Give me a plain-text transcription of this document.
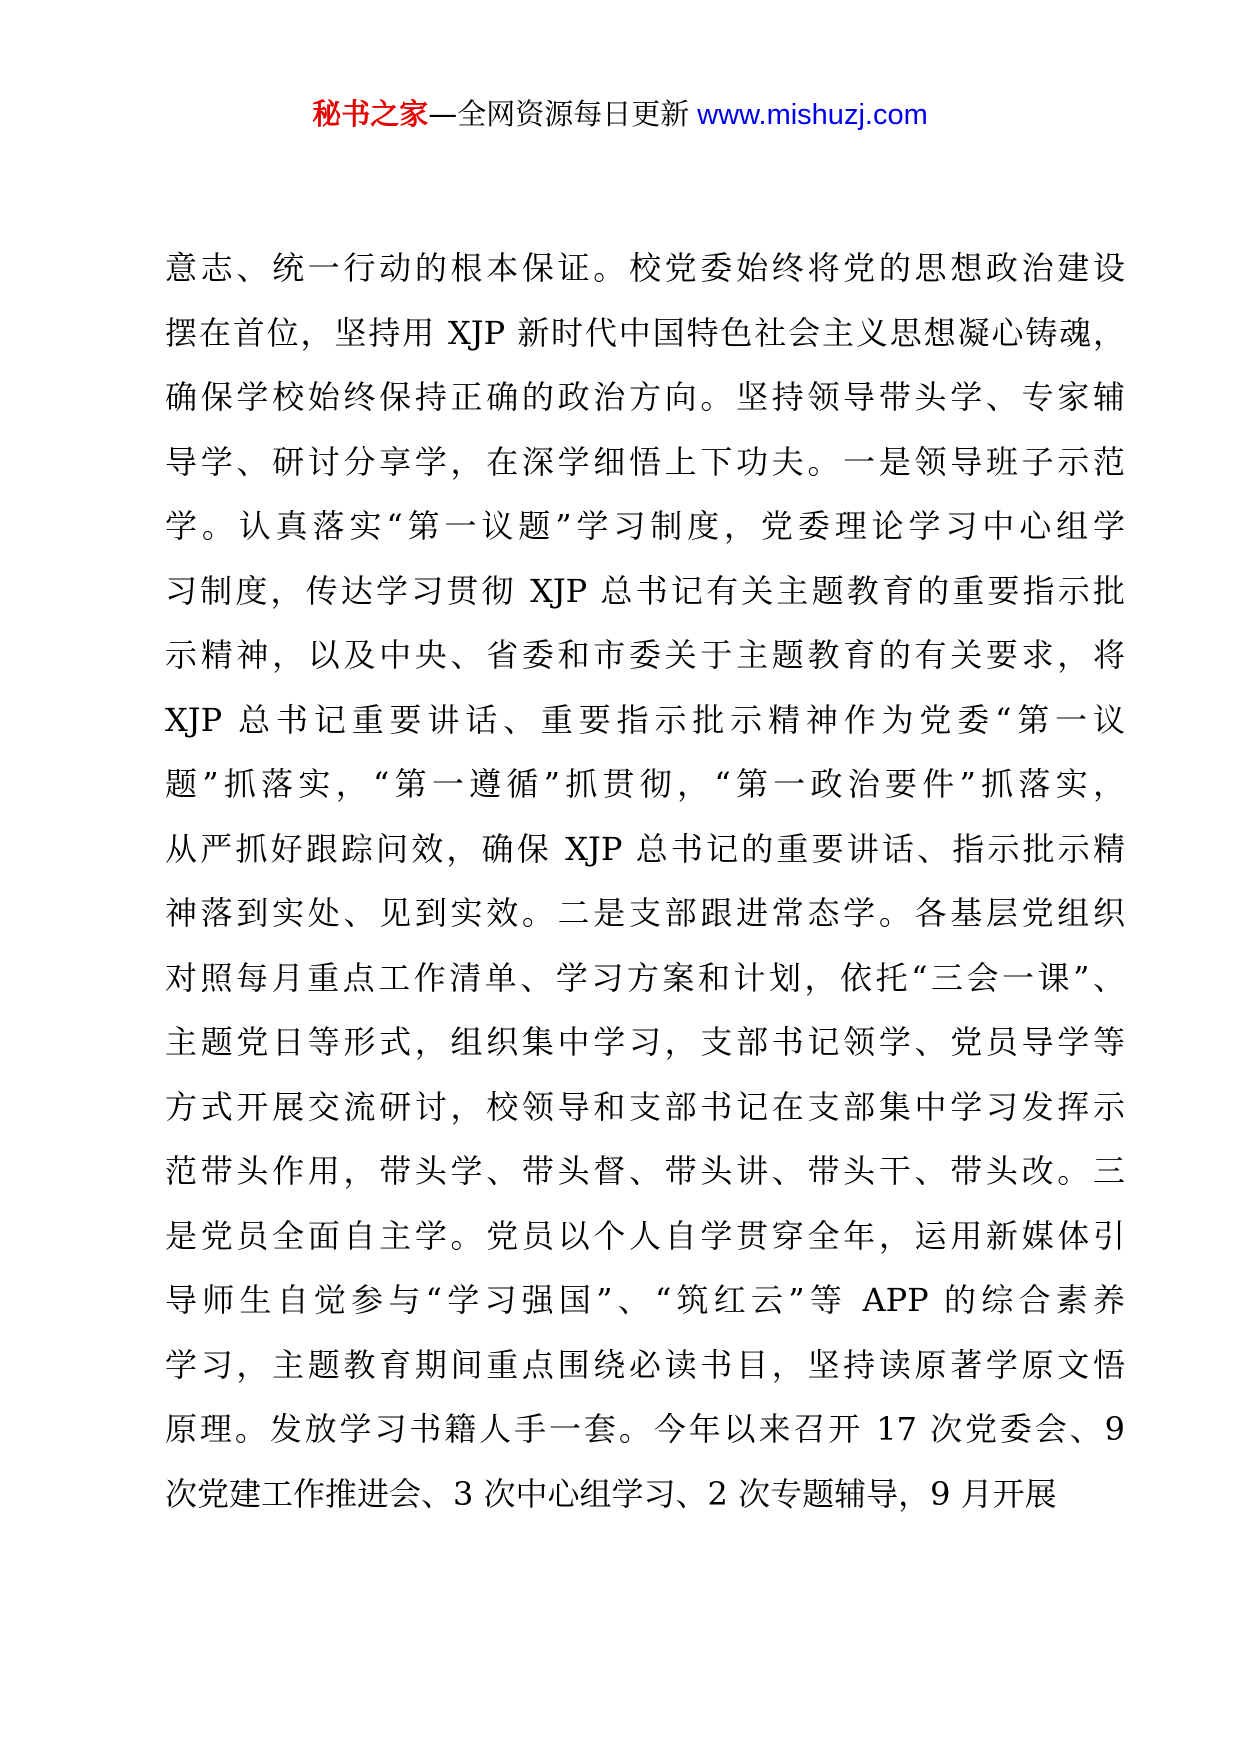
秘书之家—全网资源每日更新 www.mishuzj.com
意志、统一行动的根本保证。校党委始终将党的思想政治建设
摆在首位，坚持用 XJP 新时代中国特色社会主义思想凝心铸魂，
确保学校始终保持正确的政治方向。坚持领导带头学、专家辅
导学、研讨分享学，在深学细悟上下功夫。一是领导班子示范
学。认真落实“第一议题”学习制度，党委理论学习中心组学
习制度，传达学习贯彻 XJP 总书记有关主题教育的重要指示批
示精神，以及中央、省委和市委关于主题教育的有关要求，将
XJP 总书记重要讲话、重要指示批示精神作为党委“第一议
题”抓落实，“第一遵循”抓贯彻，“第一政治要件”抓落实，
从严抓好跟踪问效，确保 XJP 总书记的重要讲话、指示批示精
神落到实处、见到实效。二是支部跟进常态学。各基层党组织
对照每月重点工作清单、学习方案和计划，依托“三会一课”、
主题党日等形式，组织集中学习，支部书记领学、党员导学等
方式开展交流研讨，校领导和支部书记在支部集中学习发挥示
范带头作用，带头学、带头督、带头讲、带头干、带头改。三
是党员全面自主学。党员以个人自学贯穿全年，运用新媒体引
导师生自觉参与“学习强国”、“筑红云”等 APP 的综合素养
学习，主题教育期间重点围绕必读书目，坚持读原著学原文悟
原理。发放学习书籍人手一套。今年以来召开 17 次党委会、9
次党建工作推进会、3 次中心组学习、2 次专题辅导，9 月开展
